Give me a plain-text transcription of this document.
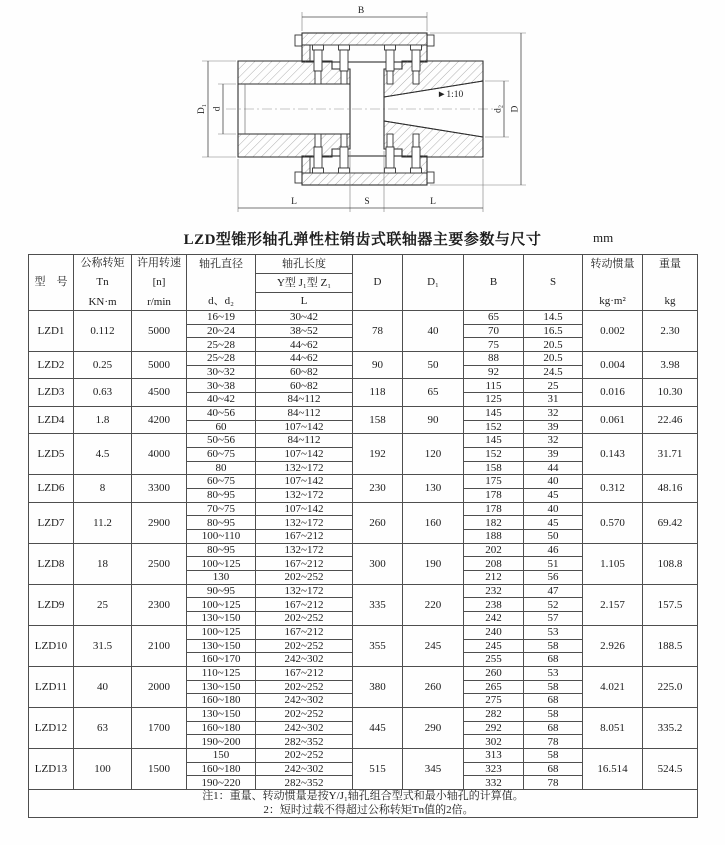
►1:10
B
D₁ d	d₂ D
L	S	L
LZD型锥形轴孔弹性柱销齿式联轴器主要参数与尺寸	mm
型　号	
公称转矩
Tn
KN·m

许用转速
[n]
r/min

轴孔直径
d、d₂

轴孔长度
Y型 J₁型 Z₁
L
	D	D₁	B	S	
转动惯量
kg·m²

重量
kg

LZD1	0.112	5000	16~19	30~42	78	40	65	14.5	0.002	2.30
			20~24	38~52			70	16.5		
			25~28	44~62			75	20.5		
LZD2	0.25	5000	25~28	44~62	90	50	88	20.5	0.004	3.98
			30~32	60~82			92	24.5		
LZD3	0.63	4500	30~38	60~82	118	65	115	25	0.016	10.30
			40~42	84~112			125	31		
LZD4	1.8	4200	40~56	84~112	158	90	145	32	0.061	22.46
			60	107~142			152	39		
LZD5	4.5	4000	50~56	84~112	192	120	145	32	0.143	31.71
			60~75	107~142			152	39		
			80	132~172			158	44		
LZD6	8	3300	60~75	107~142	230	130	175	40	0.312	48.16
			80~95	132~172			178	45		
LZD7	11.2	2900	70~75	107~142	260	160	178	40	0.570	69.42
			80~95	132~172			182	45		
			100~110	167~212			188	50		
LZD8	18	2500	80~95	132~172	300	190	202	46	1.105	108.8
			100~125	167~212			208	51		
			130	202~252			212	56		
LZD9	25	2300	90~95	132~172	335	220	232	47	2.157	157.5
			100~125	167~212			238	52		
			130~150	202~252			242	57		
LZD10	31.5	2100	100~125	167~212	355	245	240	53	2.926	188.5
			130~150	202~252			245	58		
			160~170	242~302			255	68		
LZD11	40	2000	110~125	167~212	380	260	260	53	4.021	225.0
			130~150	202~252			265	58		
			160~180	242~302			275	68		
LZD12	63	1700	130~150	202~252	445	290	282	58	8.051	335.2
			160~180	242~302			292	68		
			190~200	282~352			302	78		
LZD13	100	1500	150	202~252	515	345	313	58	16.514	524.5
			160~180	242~302			323	68		
			190~220	282~352			332	78		

注1：重量、转动惯量是按Y/J₁轴孔组合型式和最小轴孔的计算值。
2：短时过载不得超过公称转矩Tn值的2倍。										
